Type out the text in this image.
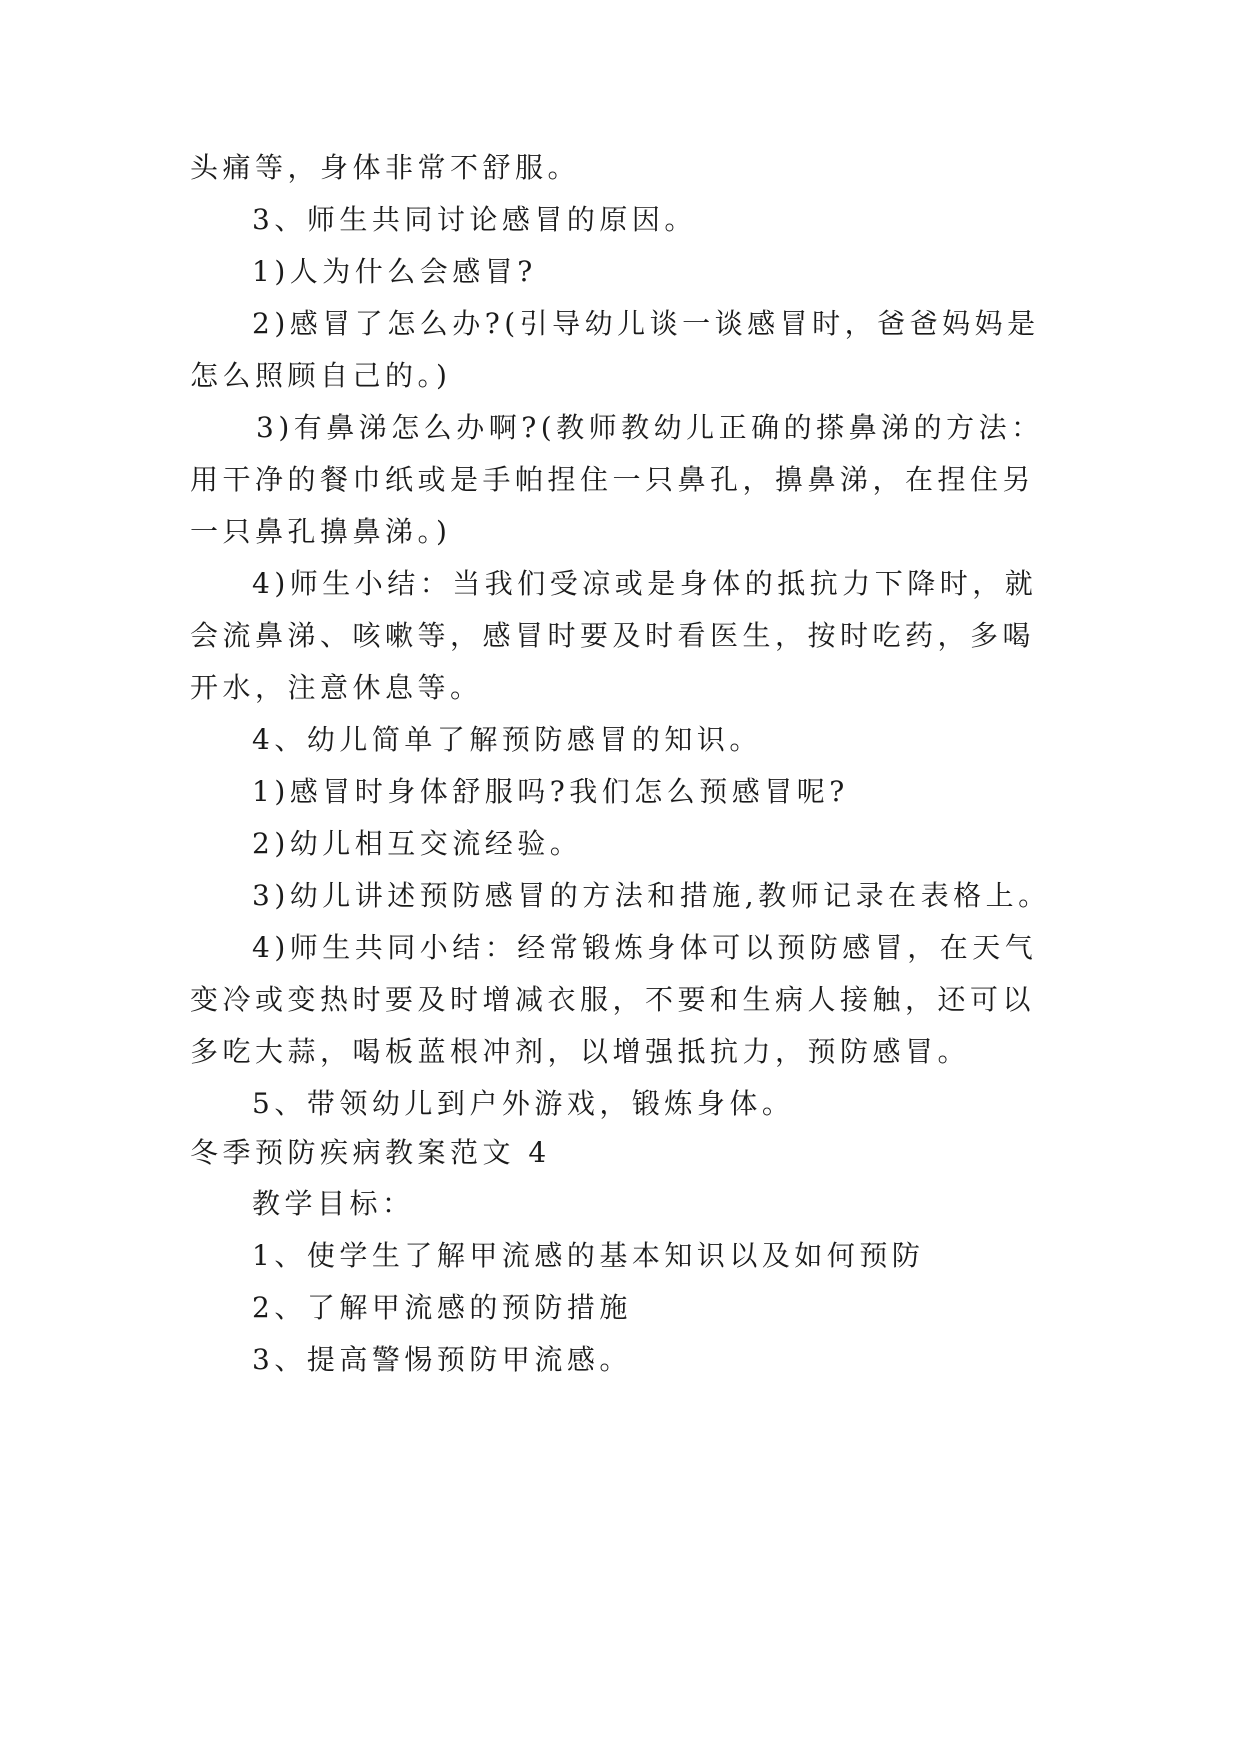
头痛等，身体非常不舒服。
3、师生共同讨论感冒的原因。
1)人为什么会感冒?
2)感冒了怎么办?(引导幼儿谈一谈感冒时，爸爸妈妈是
怎么照顾自己的。)
3)有鼻涕怎么办啊?(教师教幼儿正确的搽鼻涕的方法：
用干净的餐巾纸或是手帕捏住一只鼻孔，擤鼻涕，在捏住另
一只鼻孔擤鼻涕。)
4)师生小结：当我们受凉或是身体的抵抗力下降时，就
会流鼻涕、咳嗽等，感冒时要及时看医生，按时吃药，多喝
开水，注意休息等。
4、幼儿简单了解预防感冒的知识。
1)感冒时身体舒服吗?我们怎么预感冒呢?
2)幼儿相互交流经验。
3)幼儿讲述预防感冒的方法和措施,教师记录在表格上。
4)师生共同小结：经常锻炼身体可以预防感冒，在天气
变冷或变热时要及时增减衣服，不要和生病人接触，还可以
多吃大蒜，喝板蓝根冲剂，以增强抵抗力，预防感冒。
5、带领幼儿到户外游戏，锻炼身体。
冬季预防疾病教案范文 4
教学目标：
1、使学生了解甲流感的基本知识以及如何预防
2、了解甲流感的预防措施
3、提高警惕预防甲流感。
